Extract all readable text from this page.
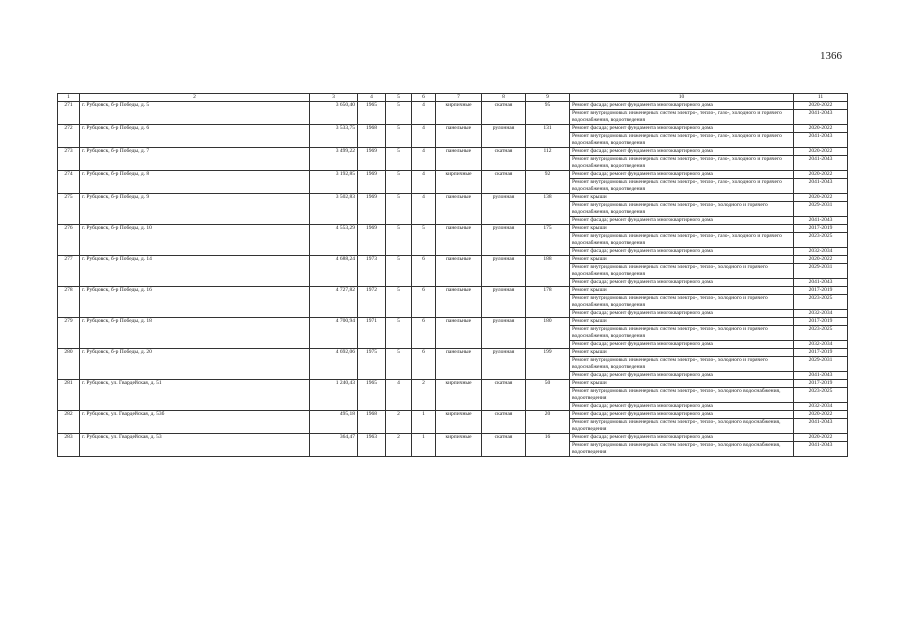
1366
1	2	3	4	5	6	7	8	9	10	11
271	г. Рубцовск, б-р Победы, д. 5	3 650,40	1965	5	4	кирпичные	скатная	95	Ремонт фасада; ремонт фундамента многоквартирного дома	2020-2022
									Ремонт внутридомовых инженерных систем электро-, тепло-, газо-, холодного и горячего водоснабжения, водоотведения	2041-2043
272	г. Рубцовск, б-р Победы, д. 6	3 533,75	1968	5	4	панельные	рулонная	131	Ремонт фасада; ремонт фундамента многоквартирного дома	2020-2022
									Ремонт внутридомовых инженерных систем электро-, тепло-, газо-, холодного и горячего водоснабжения, водоотведения	2041-2043
273	г. Рубцовск, б-р Победы, д. 7	3 499,22	1969	5	4	панельные	скатная	112	Ремонт фасада; ремонт фундамента многоквартирного дома	2020-2022
									Ремонт внутридомовых инженерных систем электро-, тепло-, газо-, холодного и горячего водоснабжения, водоотведения	2041-2043
274	г. Рубцовск, б-р Победы, д. 8	3 192,85	1969	5	4	кирпичные	скатная	92	Ремонт фасада; ремонт фундамента многоквартирного дома	2020-2022
									Ремонт внутридомовых инженерных систем электро-, тепло-, газо-, холодного и горячего водоснабжения, водоотведения	2041-2043
275	г. Рубцовск, б-р Победы, д. 9	3 502,83	1969	5	4	панельные	рулонная	138	Ремонт крыши	2020-2022
									Ремонт внутридомовых инженерных систем электро-, тепло-, холодного и горячего водоснабжения, водоотведения	2029-2031
									Ремонт фасада; ремонт фундамента многоквартирного дома	2041-2043
276	г. Рубцовск, б-р Победы, д. 10	4 553,29	1969	5	5	панельные	рулонная	175	Ремонт крыши	2017-2019
									Ремонт внутридомовых инженерных систем электро-, тепло-, газо-, холодного и горячего водоснабжения, водоотведения	2023-2025
									Ремонт фасада; ремонт фундамента многоквартирного дома	2032-2034
277	г. Рубцовск, б-р Победы, д. 14	4 688,24	1973	5	6	панельные	рулонная	188	Ремонт крыши	2020-2022
									Ремонт внутридомовых инженерных систем электро-, тепло-, холодного и горячего водоснабжения, водоотведения	2029-2031
									Ремонт фасада; ремонт фундамента многоквартирного дома	2041-2043
278	г. Рубцовск, б-р Победы, д. 16	4 727,82	1972	5	6	панельные	рулонная	178	Ремонт крыши	2017-2019
									Ремонт внутридомовых инженерных систем электро-, тепло-, холодного и горячего водоснабжения, водоотведения	2023-2025
									Ремонт фасада; ремонт фундамента многоквартирного дома	2032-2034
279	г. Рубцовск, б-р Победы, д. 18	4 700,94	1971	5	6	панельные	рулонная	180	Ремонт крыши	2017-2019
									Ремонт внутридомовых инженерных систем электро-, тепло-, холодного и горячего водоснабжения, водоотведения	2023-2025
									Ремонт фасада; ремонт фундамента многоквартирного дома	2032-2034
280	г. Рубцовск, б-р Победы, д. 20	4 692,06	1975	5	6	панельные	рулонная	199	Ремонт крыши	2017-2019
									Ремонт внутридомовых инженерных систем электро-, тепло-, холодного и горячего водоснабжения, водоотведения	2029-2031
									Ремонт фасада; ремонт фундамента многоквартирного дома	2041-2043
281	г. Рубцовск, ул. Гвардейская, д. 51	1 240,43	1965	4	2	кирпичные	скатная	50	Ремонт крыши	2017-2019
									Ремонт внутридомовых инженерных систем электро-, тепло-, холодного водоснабжения, водоотведения	2023-2025
									Ремонт фасада; ремонт фундамента многоквартирного дома	2032-2034
282	г. Рубцовск, ул. Гвардейская, д. 53б	495,18	1968	2	1	кирпичные	скатная	20	Ремонт фасада; ремонт фундамента многоквартирного дома	2020-2022
									Ремонт внутридомовых инженерных систем электро-, тепло-, холодного водоснабжения, водоотведения	2041-2043
283	г. Рубцовск, ул. Гвардейская, д. 53	364,47	1963	2	1	кирпичные	скатная	16	Ремонт фасада; ремонт фундамента многоквартирного дома	2020-2022
									Ремонт внутридомовых инженерных систем электро-, тепло-, холодного водоснабжения, водоотведения	2041-2043
